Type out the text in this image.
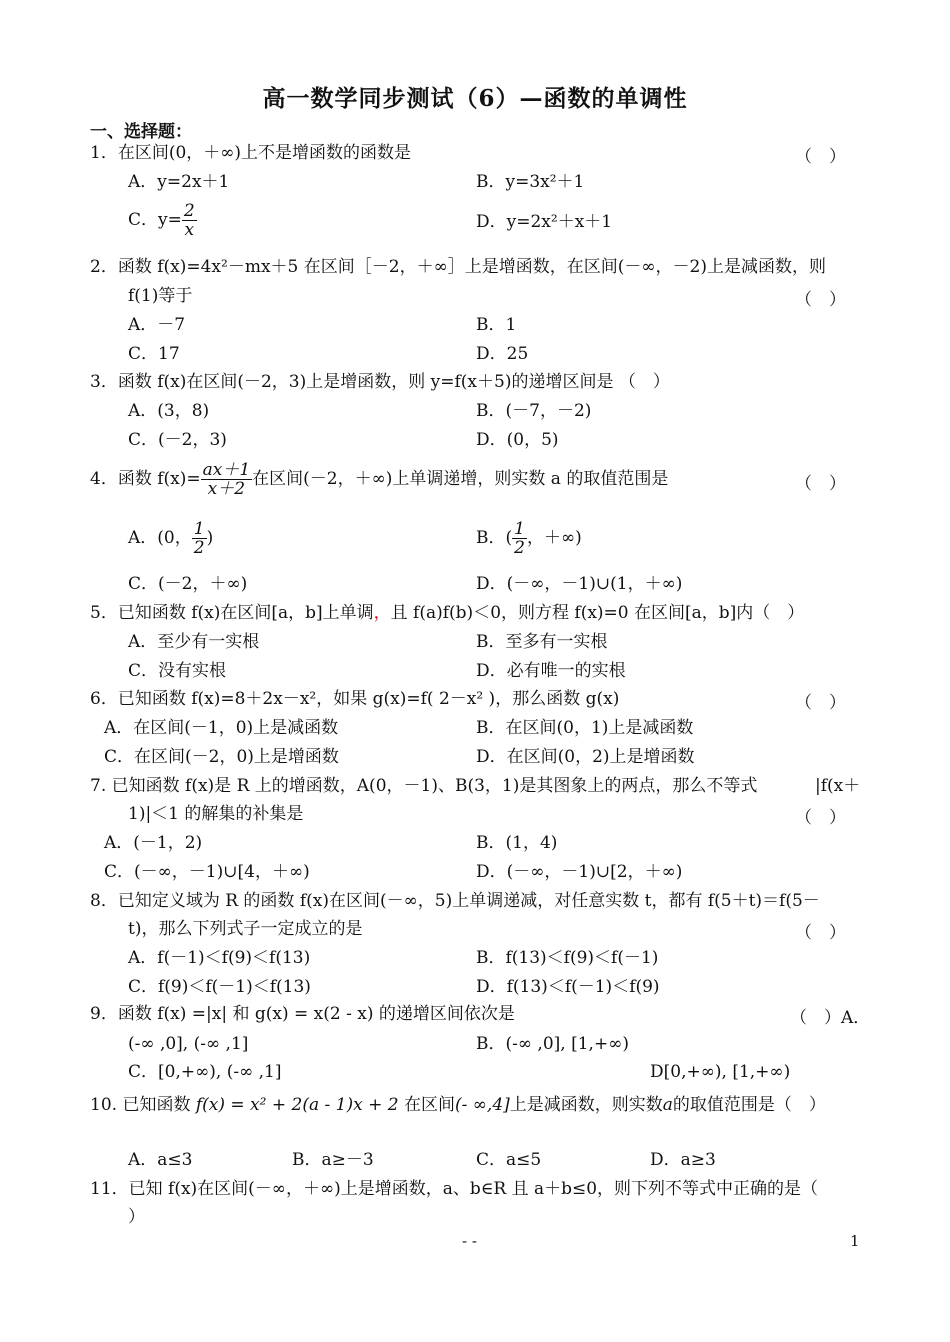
高一数学同步测试（6）—函数的单调性
一、选择题：
1．在区间(0，＋∞)上不是增函数的函数是	（　）
A．y=2x＋1	B．y=3x²＋1
C．$y= \frac{2}{x}$	D．y=2x²＋x＋1
2．函数 f(x)=4x²－mx＋5 在区间［－2，＋∞］上是增函数，在区间(－∞，－2)上是减函数，则
f(1)等于	（　）
A．－7	B．1
C．17	D．25
3．函数 f(x)在区间(－2，3)上是增函数，则 y=f(x＋5)的递增区间是 （　）
A．(3，8)	B．(－7，－2)
C．(－2，3)	D．(0，5)
4．函数 $f(x)= \frac{ax+1}{x+2}$ 在区间(－2，＋∞)上单调递增，则实数 a 的取值范围是	（　）
A．(0， $\frac{1}{2}$ )	B．( $\frac{1}{2}$ ，＋∞)
C．(－2，＋∞)	D．(－∞，－1)∪(1，＋∞)
5．已知函数 f(x)在区间[a，b]上单调，且 f(a)f(b)＜0，则方程 f(x)=0 在区间[a，b]内（　）
A．至少有一实根	B．至多有一实根
C．没有实根	D．必有唯一的实根
6．已知函数 f(x)=8＋2x－x²，如果 g(x)=f( 2－x² )，那么函数 g(x)	（　）
A．在区间(－1，0)上是减函数	B．在区间(0，1)上是减函数
C．在区间(－2，0)上是增函数	D．在区间(0，2)上是增函数
7. 已知函数 f(x)是 R 上的增函数，A(0，－1)、B(3，1)是其图象上的两点，那么不等式	|f(x＋
1)|＜1 的解集的补集是	（　）
A．(－1，2)	B．(1，4)
C．(－∞，－1)∪[4，＋∞)	D．(－∞，－1)∪[2，＋∞)
8．已知定义域为 R 的函数 f(x)在区间(－∞，5)上单调递减，对任意实数 t，都有 f(5＋t)＝f(5－
t)，那么下列式子一定成立的是	（　）
A．f(－1)＜f(9)＜f(13)	B．f(13)＜f(9)＜f(－1)
C．f(9)＜f(－1)＜f(13)	D．f(13)＜f(－1)＜f(9)
9．函数 f(x) =|x| 和 g(x) = x(2 - x) 的递增区间依次是	（　）A．
(-∞ ,0], (-∞ ,1]	B．(-∞ ,0], [1,+∞)
C．[0,+∞), (-∞ ,1]	D[0,+∞), [1,+∞)
10. 已知函数 f(x) = x² + 2(a - 1)x + 2 在区间(- ∞,4]上是减函数，则实数a的取值范围是（　）
A．a≤3	B．a≥－3	C．a≤5	D．a≥3
11．已知 f(x)在区间(－∞，＋∞)上是增函数，a、b∈R 且 a＋b≤0，则下列不等式中正确的是（
）
- -	1
